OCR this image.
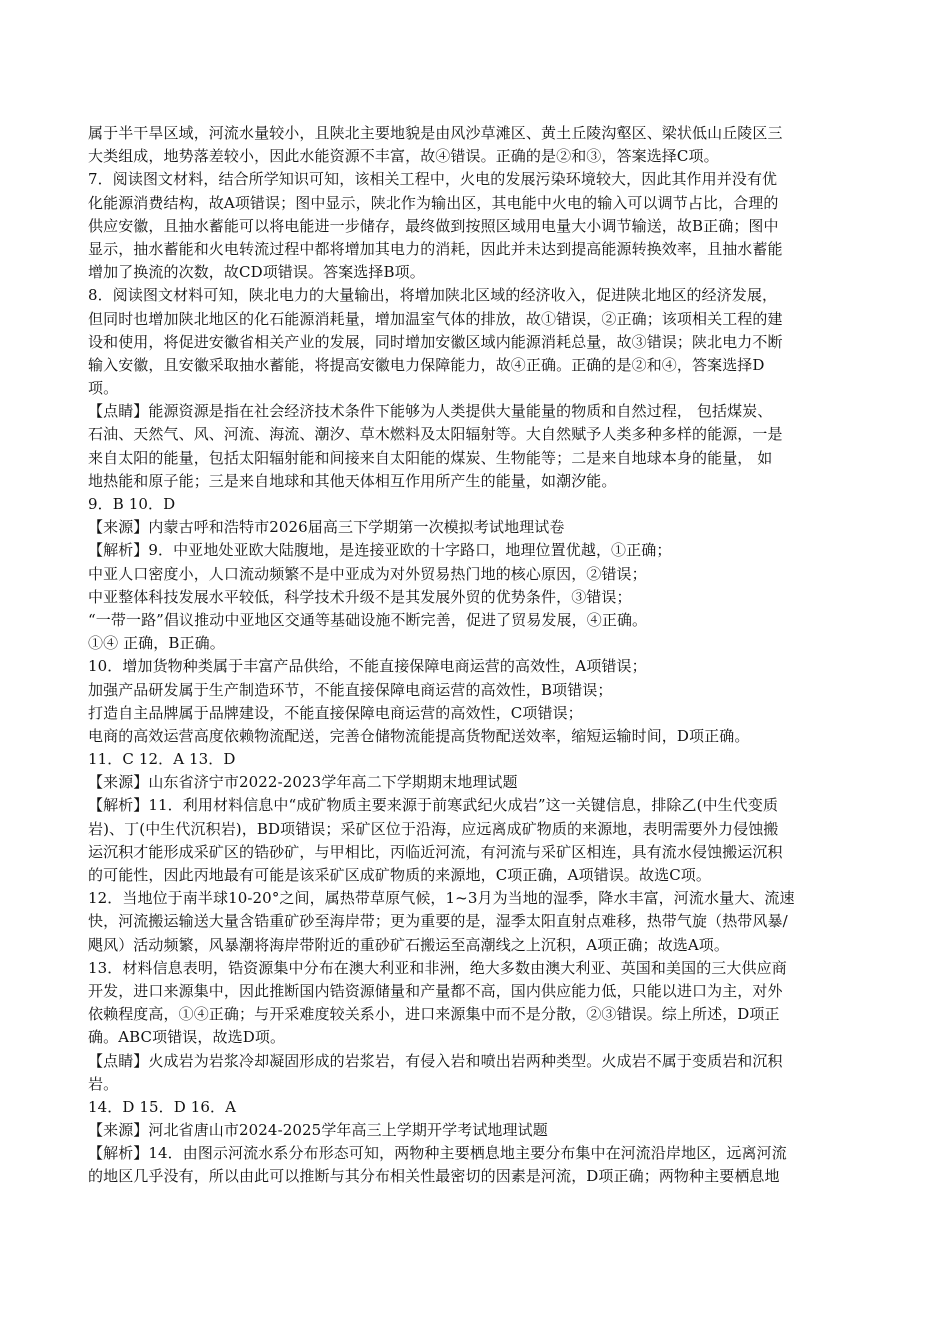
属于半干旱区域，河流水量较小，且陕北主要地貌是由风沙草滩区、黄土丘陵沟壑区、梁状低山丘陵区三
大类组成，地势落差较小，因此水能资源不丰富，故④错误。正确的是②和③，答案选择C项。
7．阅读图文材料，结合所学知识可知，该相关工程中，火电的发展污染环境较大，因此其作用并没有优
化能源消费结构，故A项错误；图中显示，陕北作为输出区，其电能中火电的输入可以调节占比，合理的
供应安徽，且抽水蓄能可以将电能进一步储存，最终做到按照区域用电量大小调节输送，故B正确；图中
显示，抽水蓄能和火电转流过程中都将增加其电力的消耗，因此并未达到提高能源转换效率，且抽水蓄能
增加了换流的次数，故CD项错误。答案选择B项。
8．阅读图文材料可知，陕北电力的大量输出，将增加陕北区域的经济收入，促进陕北地区的经济发展，
但同时也增加陕北地区的化石能源消耗量，增加温室气体的排放，故①错误，②正确；该项相关工程的建
设和使用，将促进安徽省相关产业的发展，同时增加安徽区域内能源消耗总量，故③错误；陕北电力不断
输入安徽，且安徽采取抽水蓄能，将提高安徽电力保障能力，故④正确。正确的是②和④，答案选择D
项。
【点睛】能源资源是指在社会经济技术条件下能够为人类提供大量能量的物质和自然过程， 包括煤炭、
石油、天然气、风、河流、海流、潮汐、草木燃料及太阳辐射等。大自然赋予人类多种多样的能源，一是
来自太阳的能量，包括太阳辐射能和间接来自太阳能的煤炭、生物能等；二是来自地球本身的能量， 如
地热能和原子能；三是来自地球和其他天体相互作用所产生的能量，如潮汐能。
9．B 10．D
【来源】内蒙古呼和浩特市2026届高三下学期第一次模拟考试地理试卷
【解析】9．中亚地处亚欧大陆腹地，是连接亚欧的十字路口，地理位置优越，①正确；
中亚人口密度小，人口流动频繁不是中亚成为对外贸易热门地的核心原因，②错误；
中亚整体科技发展水平较低，科学技术升级不是其发展外贸的优势条件，③错误；
“一带一路”倡议推动中亚地区交通等基础设施不断完善，促进了贸易发展，④正确。
①④ 正确，B正确。
10．增加货物种类属于丰富产品供给，不能直接保障电商运营的高效性，A项错误；
加强产品研发属于生产制造环节，不能直接保障电商运营的高效性，B项错误；
打造自主品牌属于品牌建设，不能直接保障电商运营的高效性，C项错误；
电商的高效运营高度依赖物流配送，完善仓储物流能提高货物配送效率，缩短运输时间，D项正确。
11．C 12．A 13．D
【来源】山东省济宁市2022-2023学年高二下学期期末地理试题
【解析】11．利用材料信息中“成矿物质主要来源于前寒武纪火成岩”这一关键信息，排除乙(中生代变质
岩)、丁(中生代沉积岩)，BD项错误；采矿区位于沿海，应远离成矿物质的来源地，表明需要外力侵蚀搬
运沉积才能形成采矿区的锆砂矿，与甲相比，丙临近河流，有河流与采矿区相连，具有流水侵蚀搬运沉积
的可能性，因此丙地最有可能是该采矿区成矿物质的来源地，C项正确，A项错误。故选C项。
12．当地位于南半球10-20°之间，属热带草原气候，1~3月为当地的湿季，降水丰富，河流水量大、流速
快，河流搬运输送大量含锆重矿砂至海岸带；更为重要的是，湿季太阳直射点难移，热带气旋（热带风暴/
飓风）活动频繁，风暴潮将海岸带附近的重砂矿石搬运至高潮线之上沉积，A项正确；故选A项。
13．材料信息表明，锆资源集中分布在澳大利亚和非洲，绝大多数由澳大利亚、英国和美国的三大供应商
开发，进口来源集中，因此推断国内锆资源储量和产量都不高，国内供应能力低，只能以进口为主，对外
依赖程度高，①④正确；与开采难度较关系小，进口来源集中而不是分散，②③错误。综上所述，D项正
确。ABC项错误，故选D项。
【点睛】火成岩为岩浆冷却凝固形成的岩浆岩，有侵入岩和喷出岩两种类型。火成岩不属于变质岩和沉积
岩。
14．D 15．D 16．A
【来源】河北省唐山市2024-2025学年高三上学期开学考试地理试题
【解析】14．由图示河流水系分布形态可知，两物种主要栖息地主要分布集中在河流沿岸地区，远离河流
的地区几乎没有，所以由此可以推断与其分布相关性最密切的因素是河流，D项正确；两物种主要栖息地
